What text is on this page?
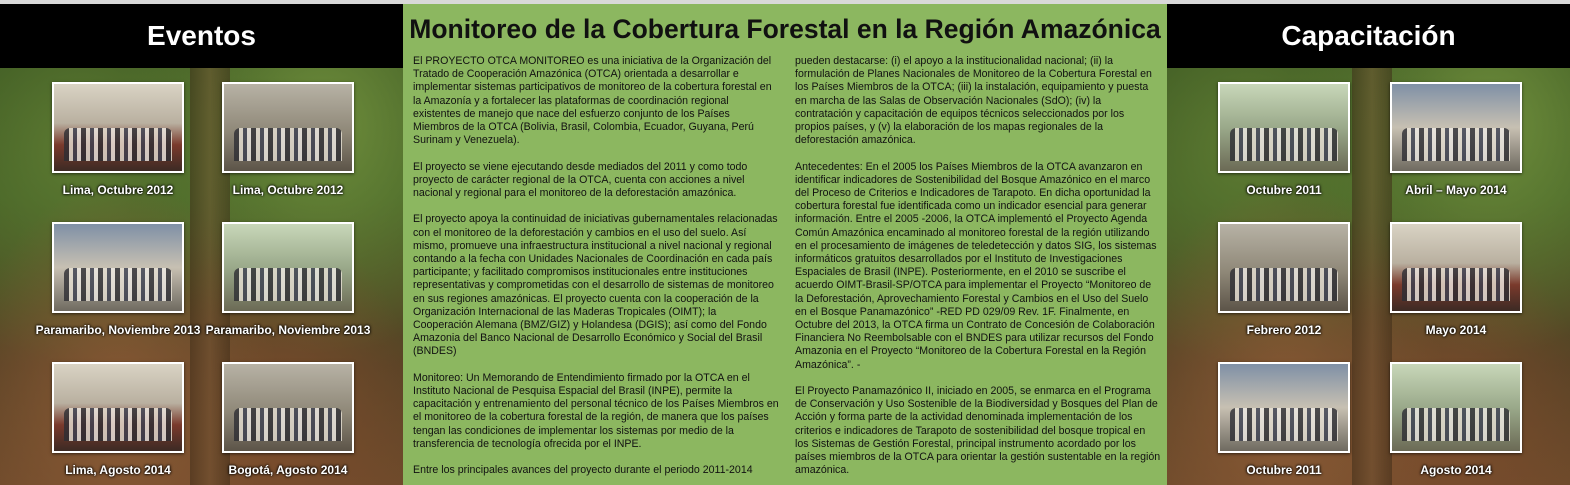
Eventos
Lima, Octubre 2012	Lima, Octubre 2012
Paramaribo, Noviembre 2013 Paramaribo, Noviembre 2013
Lima, Agosto 2014	Bogotá, Agosto 2014
Monitoreo de la Cobertura Forestal en la Región Amazónica

El PROYECTO OTCA MONITOREO es una iniciativa de la Organización del Tratado de Cooperación Amazónica (OTCA) orientada a desarrollar e implementar sistemas participativos de monitoreo de la cobertura forestal en la Amazonía y a fortalecer las plataformas de coordinación regional existentes de manejo que nace del esfuerzo conjunto de los Países Miembros de la OTCA (Bolivia, Brasil, Colombia, Ecuador, Guyana, Perú Surinam y Venezuela).

El proyecto se viene ejecutando desde mediados del 2011 y como todo proyecto de carácter regional de la OTCA, cuenta con acciones a nivel nacional y regional para el monitoreo de la deforestación amazónica.

El proyecto apoya la continuidad de iniciativas gubernamentales relacionadas con el monitoreo de la deforestación y cambios en el uso del suelo. Así mismo, promueve una infraestructura institucional a nivel nacional y regional contando a la fecha con Unidades Nacionales de Coordinación en cada país participante; y facilitado compromisos institucionales entre instituciones representativas y comprometidas con el desarrollo de sistemas de monitoreo en sus regiones amazónicas. El proyecto cuenta con la cooperación de la Organización Internacional de las Maderas Tropicales (OIMT); la Cooperación Alemana (BMZ/GIZ) y Holandesa (DGIS); así como del Fondo Amazonia del Banco Nacional de Desarrollo Económico y Social del Brasil (BNDES)

Monitoreo: Un Memorando de Entendimiento firmado por la OTCA en el Instituto Nacional de Pesquisa Espacial del Brasil (INPE), permite la capacitación y entrenamiento del personal técnico de los Países Miembros en el monitoreo de la cobertura forestal de la región, de manera que los países tengan las condiciones de implementar los sistemas por medio de la transferencia de tecnología ofrecida por el INPE.

Entre los principales avances del proyecto durante el periodo 2011-2014

pueden destacarse: (i) el apoyo a la institucionalidad nacional; (ii) la formulación de Planes Nacionales de Monitoreo de la Cobertura Forestal en los Países Miembros de la OTCA; (iii) la instalación, equipamiento y puesta en marcha de las Salas de Observación Nacionales (SdO); (iv) la contratación y capacitación de equipos técnicos seleccionados por los propios países, y (v) la elaboración de los mapas regionales de la deforestación amazónica.

Antecedentes: En el 2005 los Países Miembros de la OTCA avanzaron en identificar indicadores de Sostenibilidad del Bosque Amazónico en el marco del Proceso de Criterios e Indicadores de Tarapoto. En dicha oportunidad la cobertura forestal fue identificada como un indicador esencial para generar información. Entre el 2005 -2006, la OTCA implementó el Proyecto Agenda Común Amazónica encaminado al monitoreo forestal de la región utilizando en el procesamiento de imágenes de teledetección y datos SIG, los sistemas informáticos gratuitos desarrollados por el Instituto de Investigaciones Espaciales de Brasil (INPE). Posteriormente, en el 2010 se suscribe el acuerdo OIMT-Brasil-SP/OTCA para implementar el Proyecto “Monitoreo de la Deforestación, Aprovechamiento Forestal y Cambios en el Uso del Suelo en el Bosque Panamazónico” -RED PD 029/09 Rev. 1F. Finalmente, en Octubre del 2013, la OTCA firma un Contrato de Concesión de Colaboración Financiera No Reembolsable con el BNDES para utilizar recursos del Fondo Amazonia en el Proyecto “Monitoreo de la Cobertura Forestal en la Región Amazónica”. -

El Proyecto Panamazónico II, iniciado en 2005, se enmarca en el Programa de Conservación y Uso Sostenible de la Biodiversidad y Bosques del Plan de Acción y forma parte de la actividad denominada implementación de los criterios e indicadores de Tarapoto de sostenibilidad del bosque tropical en los Sistemas de Gestión Forestal, principal instrumento acordado por los países miembros de la OTCA para orientar la gestión sustentable en la región amazónica.

Capacitación
Octubre 2011	Abril – Mayo 2014
Febrero 2012	Mayo 2014
Octubre 2011	Agosto 2014
